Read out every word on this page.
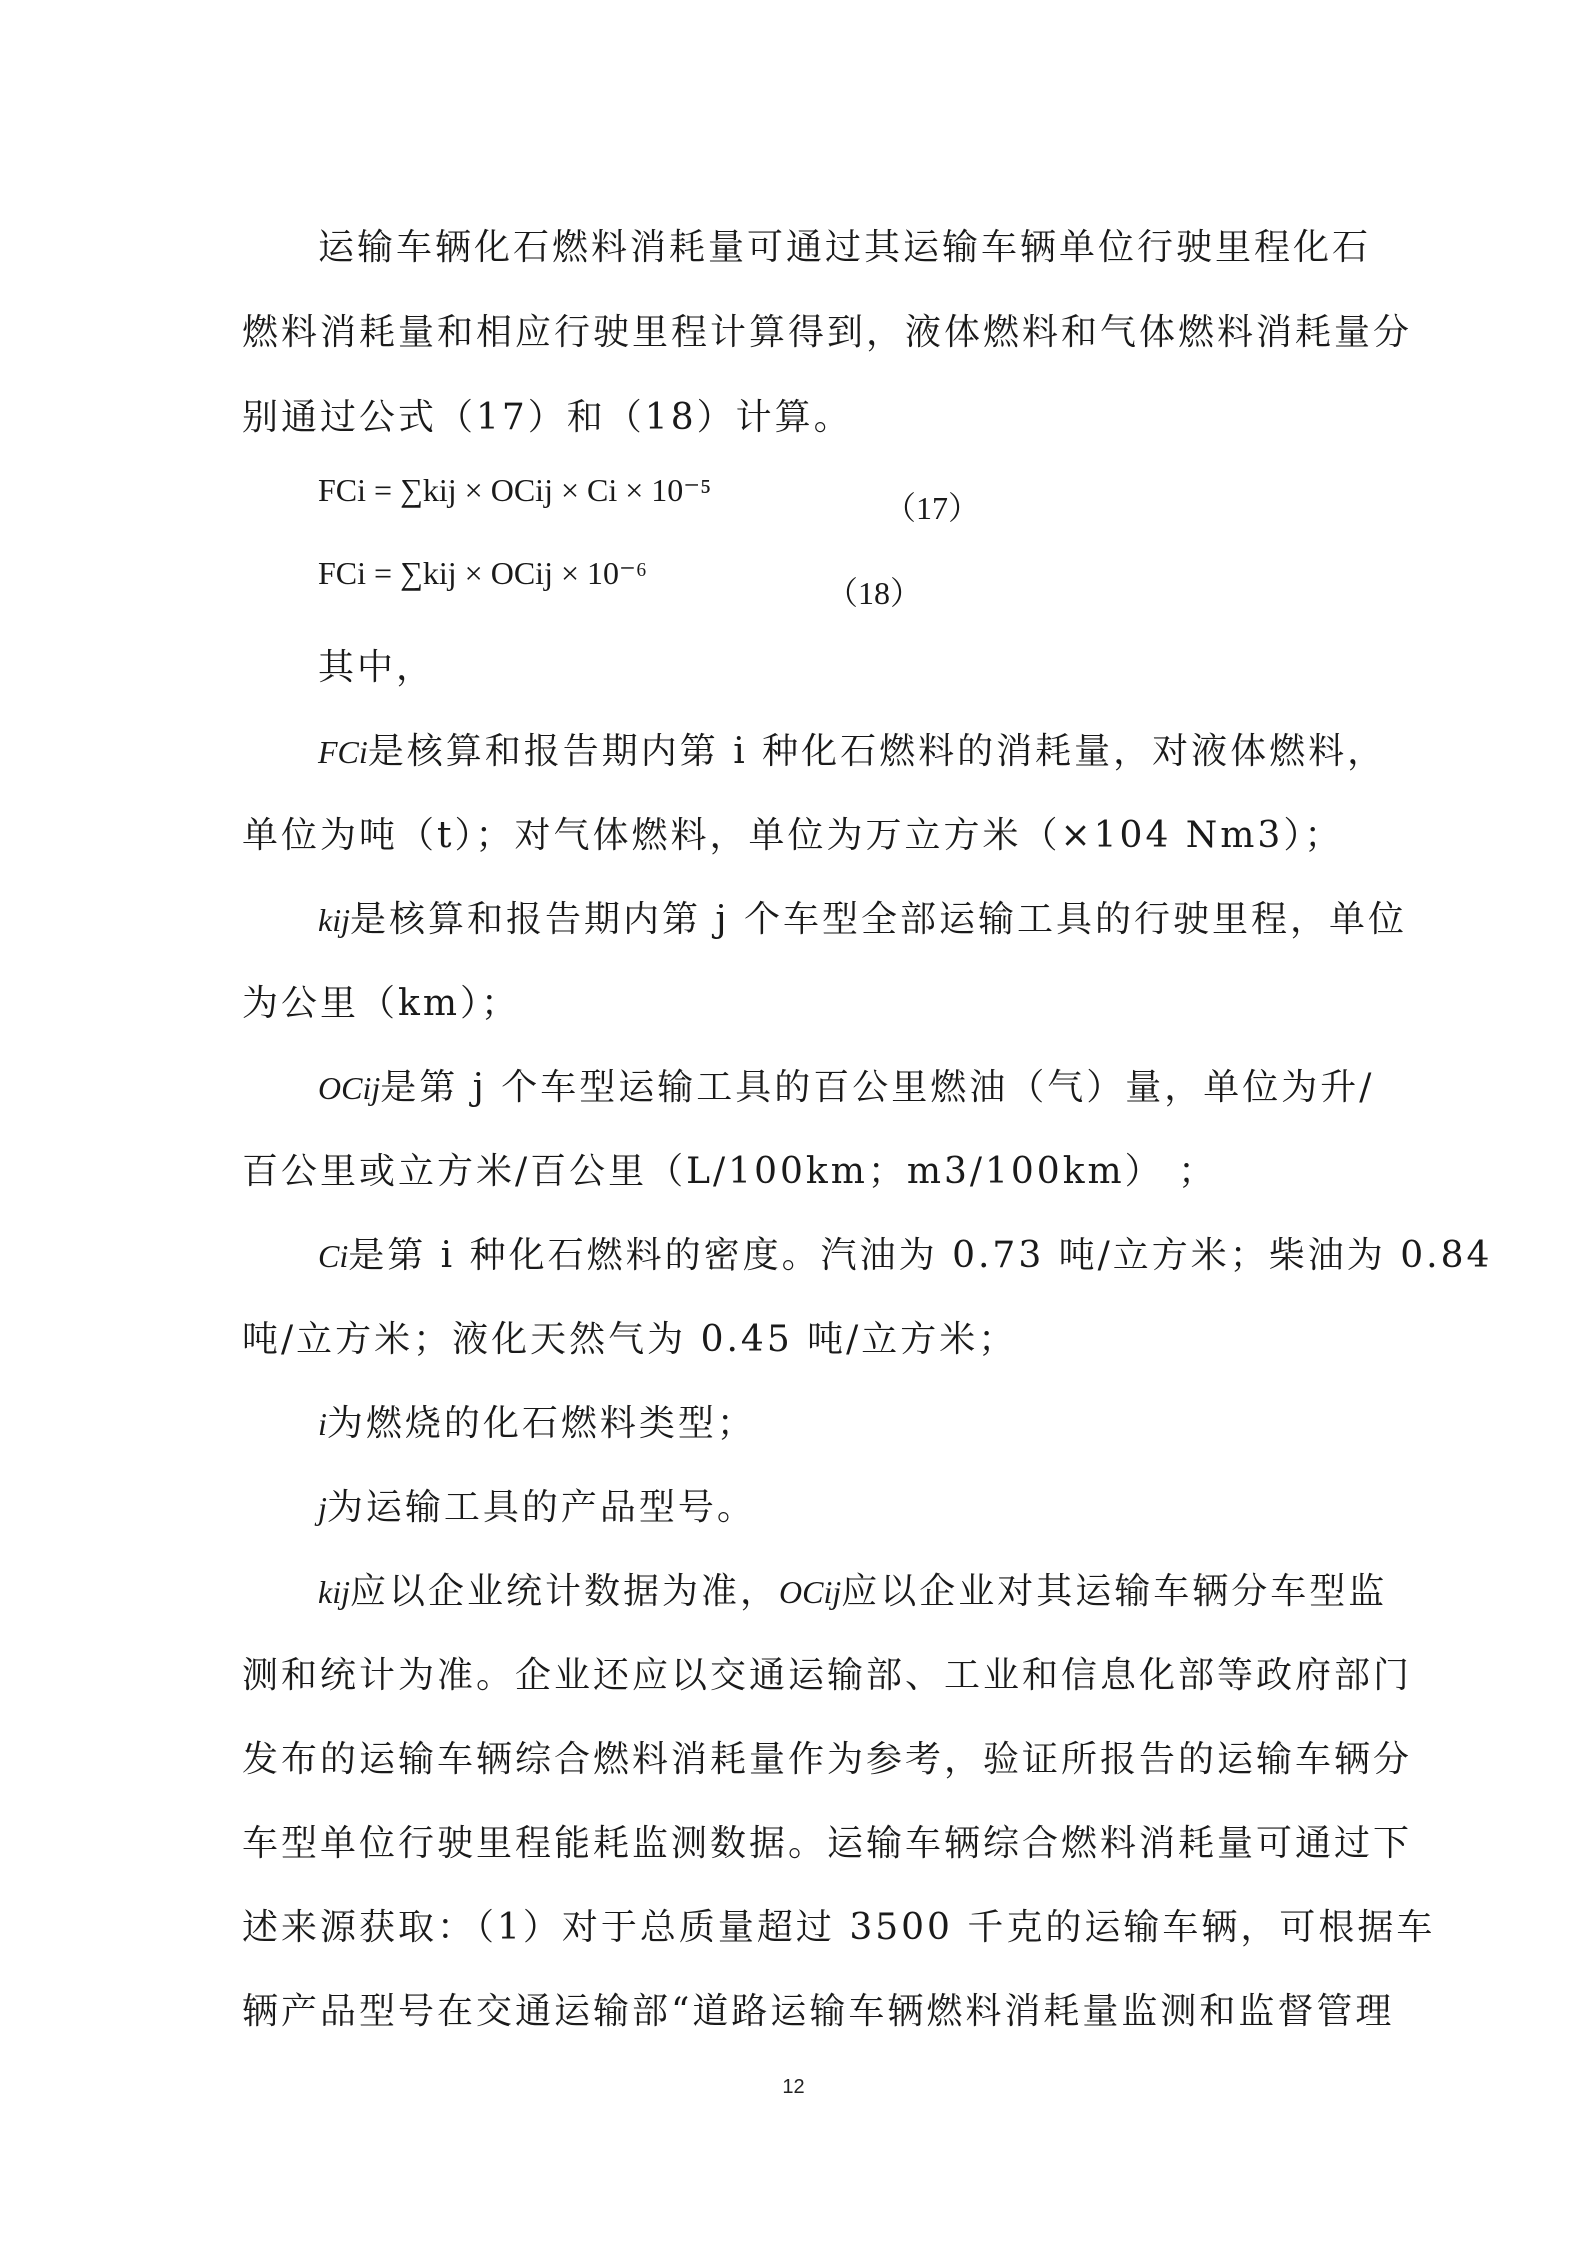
运输车辆化石燃料消耗量可通过其运输车辆单位行驶里程化石
燃料消耗量和相应行驶里程计算得到，液体燃料和气体燃料消耗量分
别通过公式（17）和（18）计算。
FCi = ∑kij × OCij × Ci × 10⁻⁵	（17）
FCi = ∑kij × OCij × 10⁻⁶
（18）
其中，
FCi是核算和报告期内第 i 种化石燃料的消耗量，对液体燃料，
单位为吨（t）；对气体燃料，单位为万立方米（×104 Nm3）；
kij是核算和报告期内第 j 个车型全部运输工具的行驶里程，单位
为公里（km）；
OCij是第 j 个车型运输工具的百公里燃油（气）量，单位为升/
百公里或立方米/百公里（L/100km；m3/100km） ；
Ci是第 i 种化石燃料的密度。汽油为 0.73 吨/立方米；柴油为 0.84
吨/立方米；液化天然气为 0.45 吨/立方米；
i为燃烧的化石燃料类型；
j为运输工具的产品型号。
kij应以企业统计数据为准，OCij应以企业对其运输车辆分车型监
测和统计为准。企业还应以交通运输部、工业和信息化部等政府部门
发布的运输车辆综合燃料消耗量作为参考，验证所报告的运输车辆分
车型单位行驶里程能耗监测数据。运输车辆综合燃料消耗量可通过下
述来源获取：（1）对于总质量超过 3500 千克的运输车辆，可根据车
辆产品型号在交通运输部“道路运输车辆燃料消耗量监测和监督管理
12
